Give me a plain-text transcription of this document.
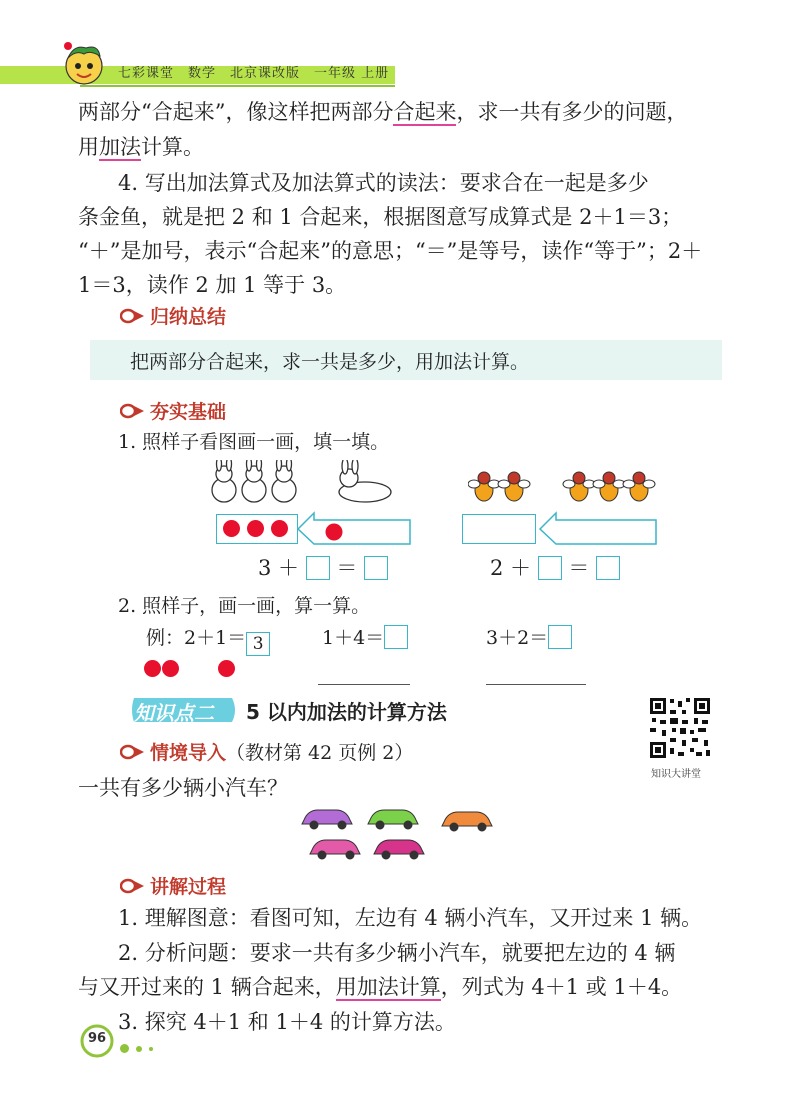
七彩课堂　数学　北京课改版　一年级 上册
两部分“合起来”，像这样把两部分合起来，求一共有多少的问题，
用加法计算。
4. 写出加法算式及加法算式的读法：要求合在一起是多少
条金鱼，就是把 2 和 1 合起来，根据图意写成算式是 2＋1＝3；
“＋”是加号，表示“合起来”的意思；“＝”是等号，读作“等于”；2＋
1＝3，读作 2 加 1 等于 3。
归纳总结
把两部分合起来，求一共是多少，用加法计算。
夯实基础
1. 照样子看图画一画，填一填。
3 ＋ ＝	2 ＋ ＝
2. 照样子，画一画，算一算。
例：2＋1＝ 3	1＋4＝	3＋2＝
知识点二 5 以内加法的计算方法
知识大讲堂
情境导入（教材第 42 页例 2）
一共有多少辆小汽车？
讲解过程
1. 理解图意：看图可知，左边有 4 辆小汽车，又开过来 1 辆。
2. 分析问题：要求一共有多少辆小汽车，就要把左边的 4 辆
与又开过来的 1 辆合起来，用加法计算，列式为 4＋1 或 1＋4。
3. 探究 4＋1 和 1＋4 的计算方法。
96
